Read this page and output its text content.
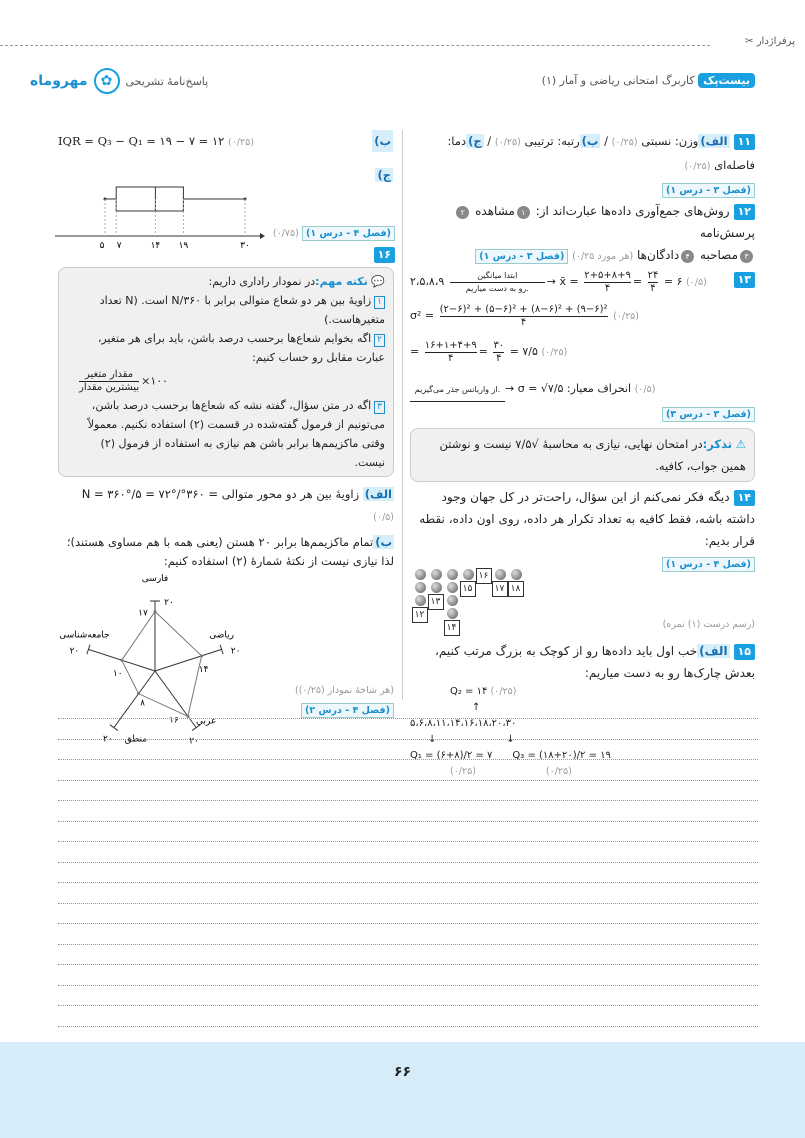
پرفراژدار ✂
بیست‌پک کاربرگ امتحانی ریاضی و آمار (۱)
مهروماه ✿	پاسخ‌نامهٔ تشریحی
۱۱الف)وزن: نسبتی (۰/۲۵) / ب)رتبه: ترتیبی (۰/۲۵) / ج)دما: فاصله‌ای (۰/۲۵)
(فصل ۳ - درس ۱)
۱۲روش‌های جمع‌آوری داده‌ها عبارت‌اند از: ۱مشاهده ۲پرسش‌نامه
۳مصاحبه ۴دادگان‌ها (هر مورد ۰/۲۵) (فصل ۳ - درس ۱)
۱۳
۲،۵،۸،۹ $\frac{\text{ابتدا میانگین}}{\text{رو به دست میاریم.}}$ → x̄ = $\frac{۲+۵+۸+۹}{۴} = \frac{۲۴}{۴}$ = ۶ (۰/۵)
$\sigma^2 = \frac{\text{(۲−۶)² + (۵−۶)² + (۸−۶)² + (۹−۶)²}}{۴}$ (۰/۲۵)
= $\frac{۱۶+۱+۴+۹}{۴} = \frac{۳۰}{۴}$ = ۷/۵ (۰/۲۵)
از واریانس جذر می‌گیریم. → انحراف معیار: σ = √۷/۵ (۰/۵)
(فصل ۳ - درس ۳)
⚠ تذکر:در امتحان نهایی، نیازی به محاسبهٔ √۷/۵ نیست و نوشتن همین جواب، کافیه.
۱۴دیگه فکر نمی‌کنم از این سؤال، راحت‌تر در کل جهان وجود داشته باشه، فقط کافیه به تعداد تکرار هر داده، روی اون داده، نقطه قرار بدیم:
(فصل ۴ - درس ۱)
۱۲
۱۳
۱۴
۱۵
۱۶
۱۷ ۱۸
(رسم درست (۱) نمره)
۱۵الف)خب اول باید داده‌ها رو از کوچک به بزرگ مرتب کنیم، بعدش چارک‌ها رو به دست میاریم:
Q₂ = ۱۴ (۰/۲۵)
↑
۵،۶،۸،۱۱،۱۴،۱۶،۱۸،۲۰،۳۰
↓	↓
Q₁ = (۶+۸)/۲ = ۷ Q₃ = (۱۸+۲۰)/۲ = ۱۹
(۰/۲۵)	(۰/۲۵)
ب)
IQR = Q₃ − Q₁ = ۱۹ − ۷ = ۱۲ (۰/۲۵)
ج)
۵ ۷	۱۴ ۱۹	۳۰
(فصل ۴ - درس ۱) (۰/۷۵)
۱۶
💬 نکته مهم:در نمودار راداری داریم:
۱زاویهٔ بین هر دو شعاع متوالی برابر با ۳۶۰/N است. (N تعداد متغیرهاست.)
۲اگه بخوایم شعاع‌ها برحسب درصد باشن، باید برای هر متغیر، عبارت مقابل رو حساب کنیم:
$\frac{\text{مقدار متغیر}}{\text{بیشترین مقدار}}$ ×۱۰۰
۳اگه در متن سؤال، گفته نشه که شعاع‌ها برحسب درصد باشن، می‌تونیم از فرمول گفته‌شده در قسمت (۲) استفاده نکنیم. معمولاً وقتی ماکزیمم‌ها برابر باشن هم نیازی به استفاده از فرمول (۲) نیست.
الف) زاویهٔ بین هر دو محور متوالی = ۳۶۰°/N = ۳۶۰°/۵ = ۷۲° (۰/۵)
ب)تمام ماکزیمم‌ها برابر ۲۰ هستن (یعنی همه با هم مساوی هستند)؛ لذا نیازی نیست از نکتهٔ شمارهٔ (۲) استفاده کنیم:
فارسی
۲۰
۱۷
ریاضی
۲۰
۱۴
عربی
۲۰
۱۶
منطق
۲۰
۸
جامعه‌شناسی
۲۰
۱۰
(هر شاخهٔ نمودار (۰/۲۵))
(فصل ۴ - درس ۲)
۶۶
